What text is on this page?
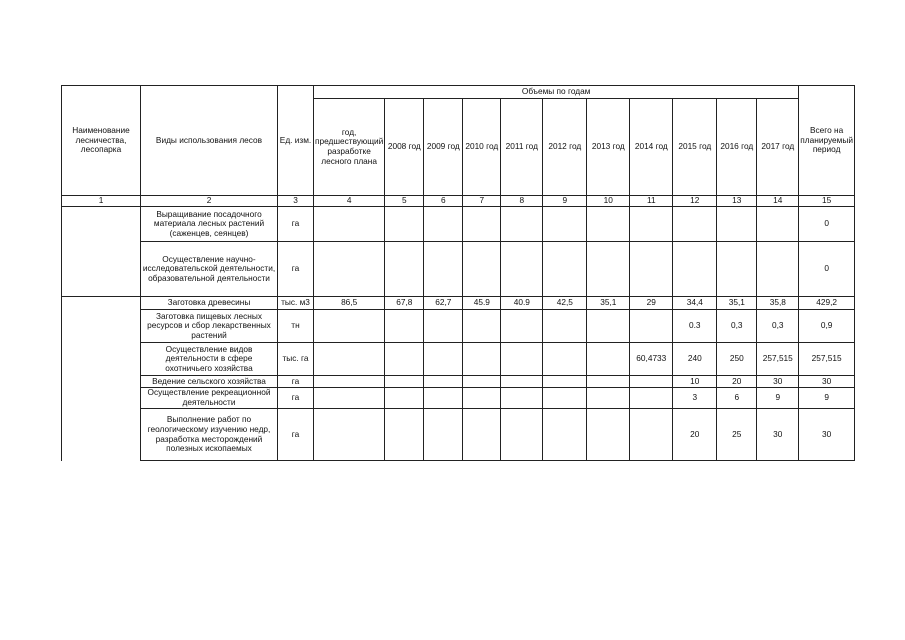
Наименование лесничества, лесопарка	Виды использования лесов	Ед. изм.	Объемы по годам											Всего на планируемый период
			год, предшествующий разработке лесного плана	2008 год	2009 год	2010 год	2011 год	2012 год	2013 год	2014 год	2015 год	2016 год	2017 год	
1	2	3	4	5	6	7	8	9	10	11	12	13	14	15
	Выращивание посадочного материала лесных растений (саженцев, сеянцев)	га												0
	Осуществление научно-исследовательской деятельности, образовательной деятельности	га												0
	Заготовка древесины	тыс. м3	86,5	67,8	62,7	45.9	40.9	42,5	35,1	29	34,4	35,1	35,8	429,2
	Заготовка пищевых лесных ресурсов и сбор лекарственных растений	тн									0.3	0,3	0,3	0,9
	Осуществление видов деятельности в сфере охотничьего хозяйства	тыс. га								60,4733	240	250	257,515	257,515
	Ведение сельского хозяйства	га									10	20	30	30
	Осуществление рекреационной деятельности	га									3	6	9	9
	Выполнение работ по геологическому изучению недр, разработка месторождений полезных ископаемых	га									20	25	30	30
